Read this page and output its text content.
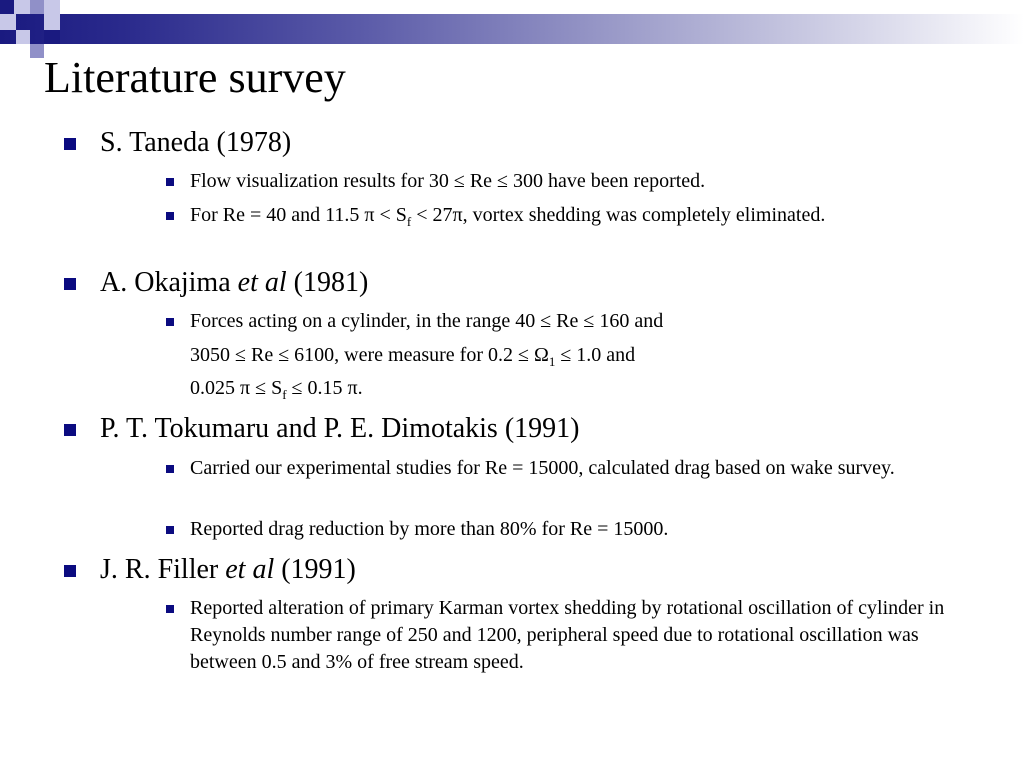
Literature survey
S. Taneda (1978)
Flow visualization results for 30 ≤ Re ≤ 300 have been reported.
For Re = 40 and 11.5 $\pi < S_f < 27\pi$, vortex shedding was completely eliminated.
A. Okajima et al (1981)
Forces acting on a cylinder, in the range 40 ≤ Re ≤ 160 and
3050 ≤ Re ≤ 6100, were measure for $0.2 \le \Omega_1 \le 1.0$ and
0.025 $\pi \le S_f \le 0.15$ π.
P. T. Tokumaru and P. E. Dimotakis (1991)
Carried our experimental studies for Re = 15000, calculated drag based on wake survey.
Reported drag reduction by more than 80% for Re = 15000.
J. R. Filler et al (1991)
Reported alteration of primary Karman vortex shedding by rotational oscillation of cylinder in Reynolds number range of 250 and 1200, peripheral speed due to rotational oscillation was between 0.5 and 3% of free stream speed.
